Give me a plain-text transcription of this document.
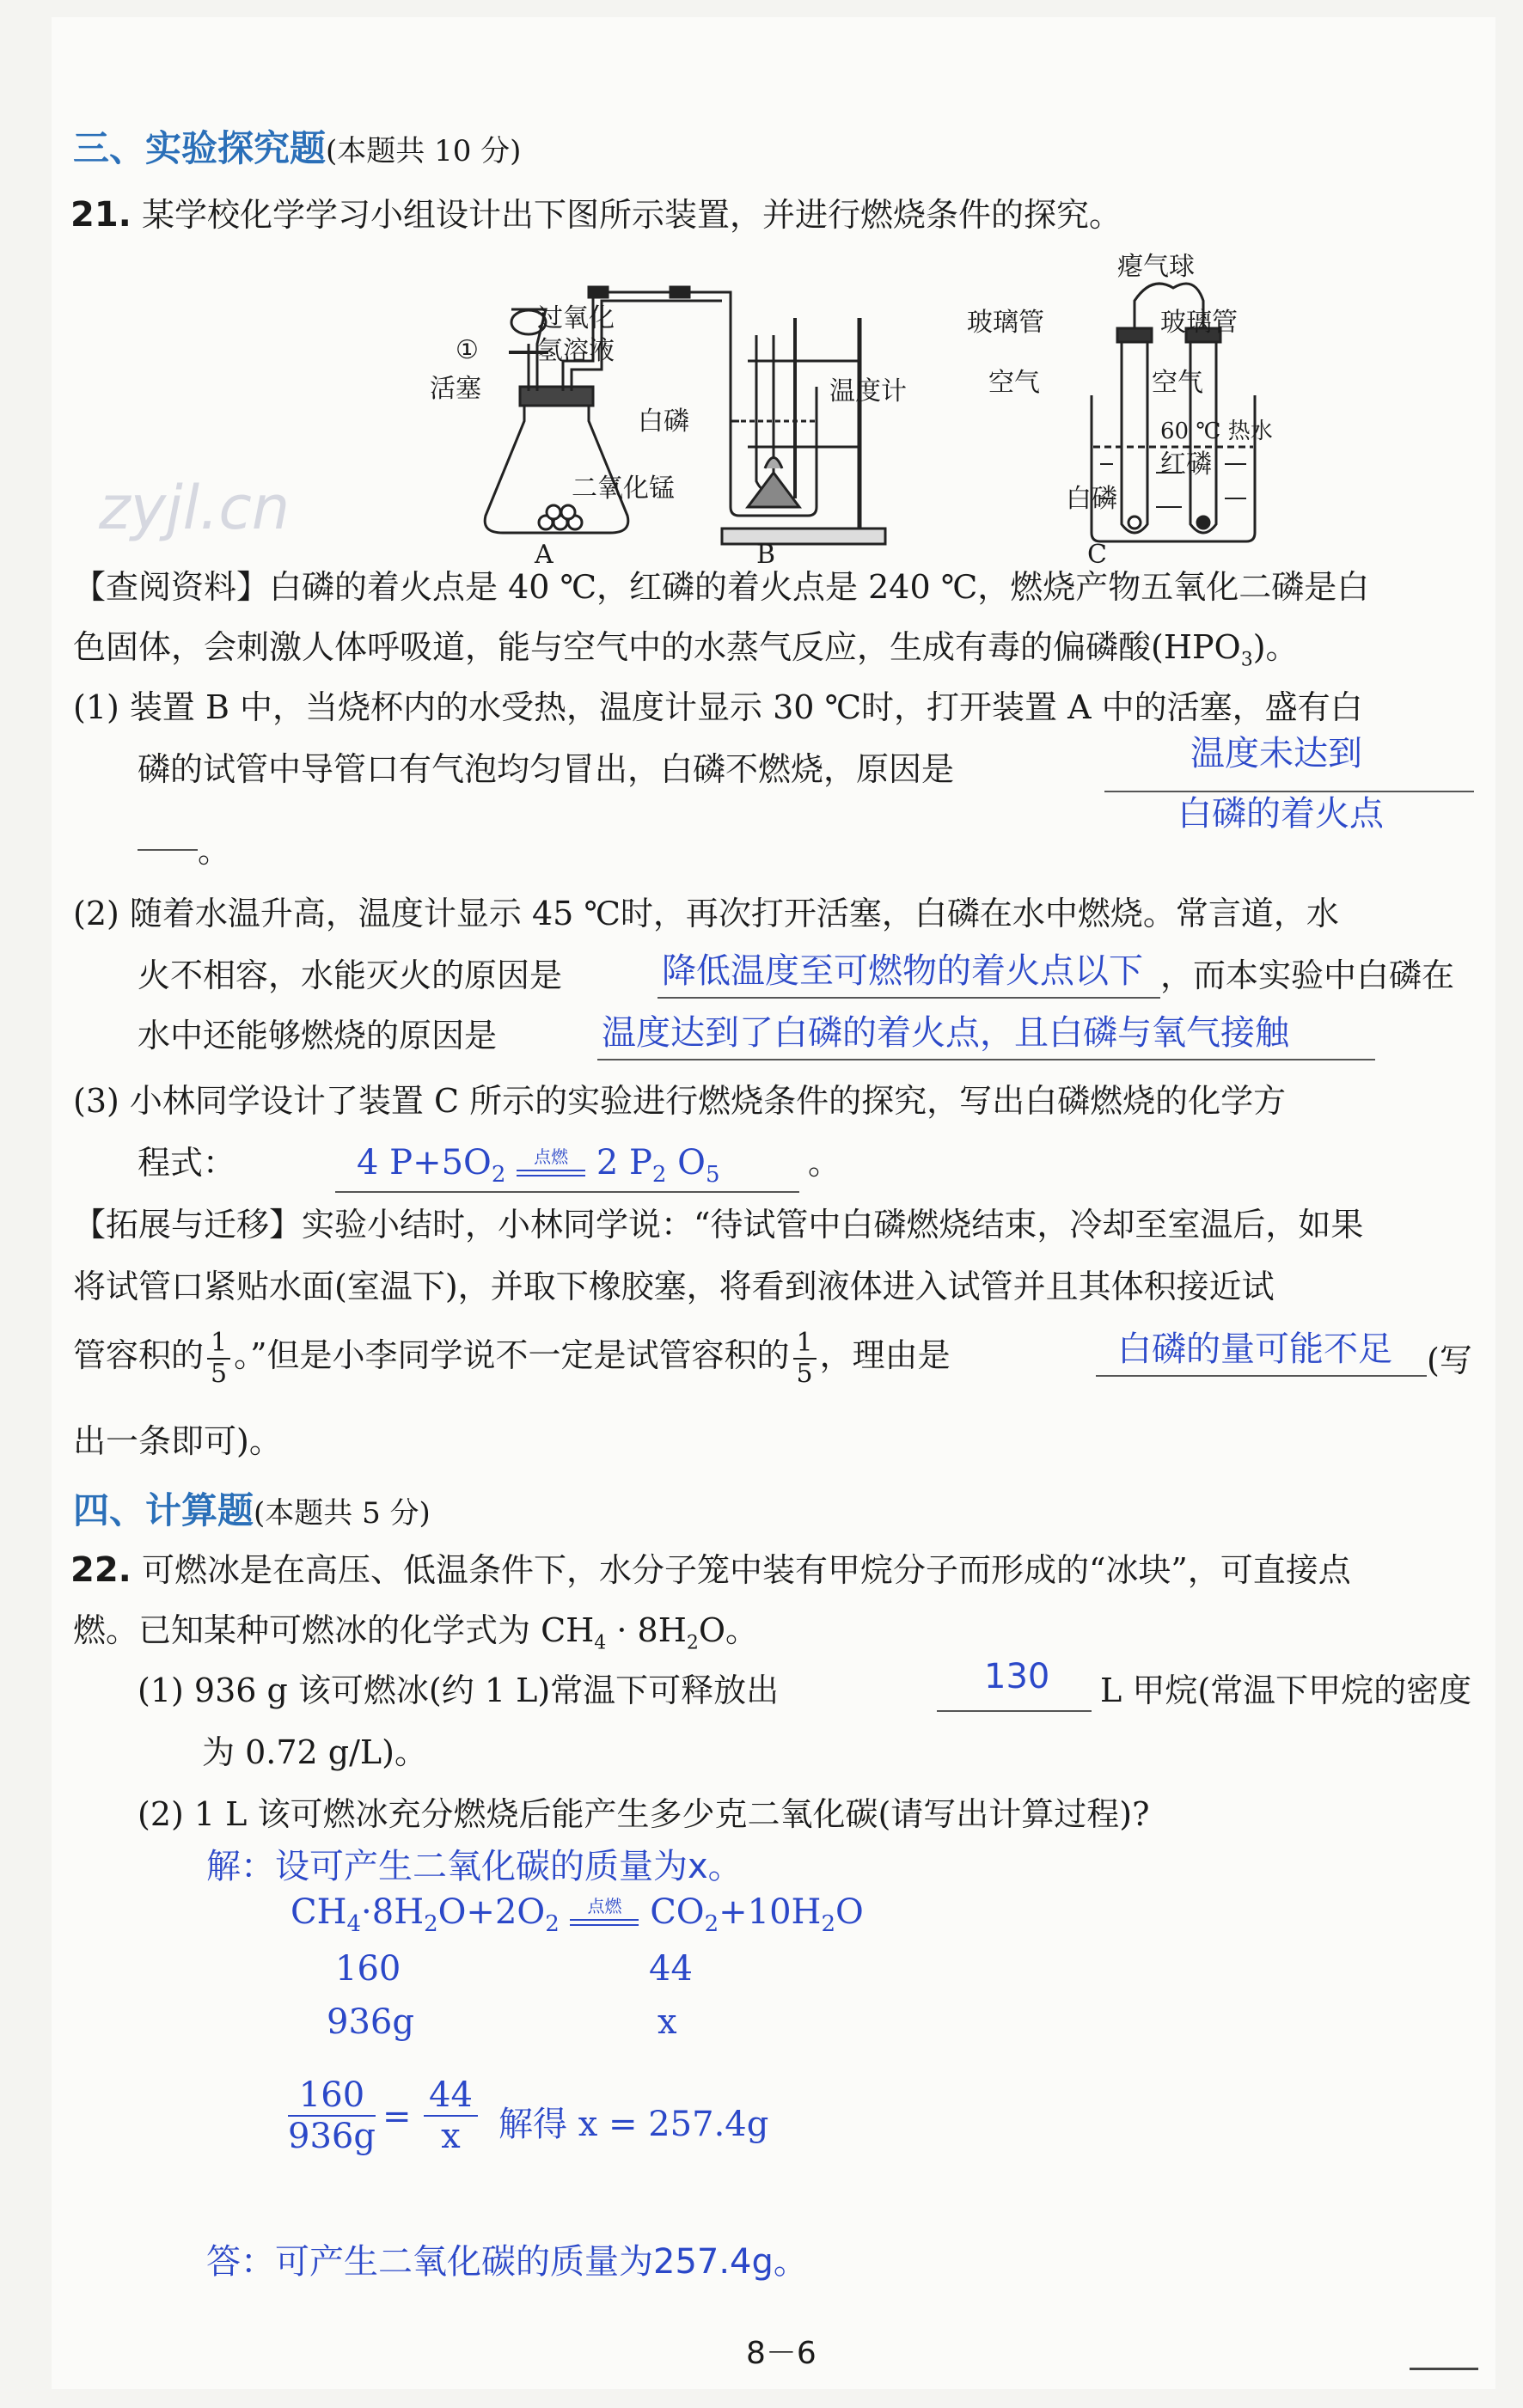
三、实验探究题(本题共 10 分)
21. 某学校化学学习小组设计出下图所示装置，并进行燃烧条件的探究。
zyjl.cn
①
过氧化
氢溶液
活塞
二氧化锰
白磷
温度计
瘪气球
玻璃管	玻璃管
空气	空气
60 ℃ 热水
红磷
白磷
A	B	C
【查阅资料】白磷的着火点是 40 ℃，红磷的着火点是 240 ℃，燃烧产物五氧化二磷是白
色固体，会刺激人体呼吸道，能与空气中的水蒸气反应，生成有毒的偏磷酸$(HPO_3)$。
(1) 装置 B 中，当烧杯内的水受热，温度计显示 30 ℃时，打开装置 A 中的活塞，盛有白
磷的试管中导管口有气泡均匀冒出，白磷不燃烧，原因是	温度未达到
白磷的着火点
。
(2) 随着水温升高，温度计显示 45 ℃时，再次打开活塞，白磷在水中燃烧。常言道，水
火不相容，水能灭火的原因是	降低温度至可燃物的着火点以下 ，而本实验中白磷在
水中还能够燃烧的原因是	温度达到了白磷的着火点，且白磷与氧气接触
(3) 小林同学设计了装置 C 所示的实验进行燃烧条件的探究，写出白磷燃烧的化学方
程式：	4 $P+5O_2$ 点燃 2 $P_2$ $O_5$	。
【拓展与迁移】实验小结时，小林同学说：“待试管中白磷燃烧结束，冷却至室温后，如果
将试管口紧贴水面(室温下)，并取下橡胶塞，将看到液体进入试管并且其体积接近试
管容积的 $\frac{1}{5}$ 。”但是小李同学说不一定是试管容积的 $\frac{1}{5}$ ，理由是	白磷的量可能不足 (写
出一条即可)。
四、计算题(本题共 5 分)
22. 可燃冰是在高压、低温条件下，水分子笼中装有甲烷分子而形成的“冰块”，可直接点
燃。已知某种可燃冰的化学式为 $CH_4 \cdot 8H_2O$。
(1) 936 g 该可燃冰(约 1 L)常温下可释放出	130 L 甲烷(常温下甲烷的密度
为 0.72 g/L)。
(2) 1 L 该可燃冰充分燃烧后能产生多少克二氧化碳(请写出计算过程)?
解：设可产生二氧化碳的质量为x。
$CH_4\cdot 8H_2O+2O_2$ 点燃 $CO_2+10H_2O$
160	44
936g	x
$\frac{160}{936g} = \frac{44}{x}$ 解得 x = 257.4g
答：可产生二氧化碳的质量为257.4g。
8－6
